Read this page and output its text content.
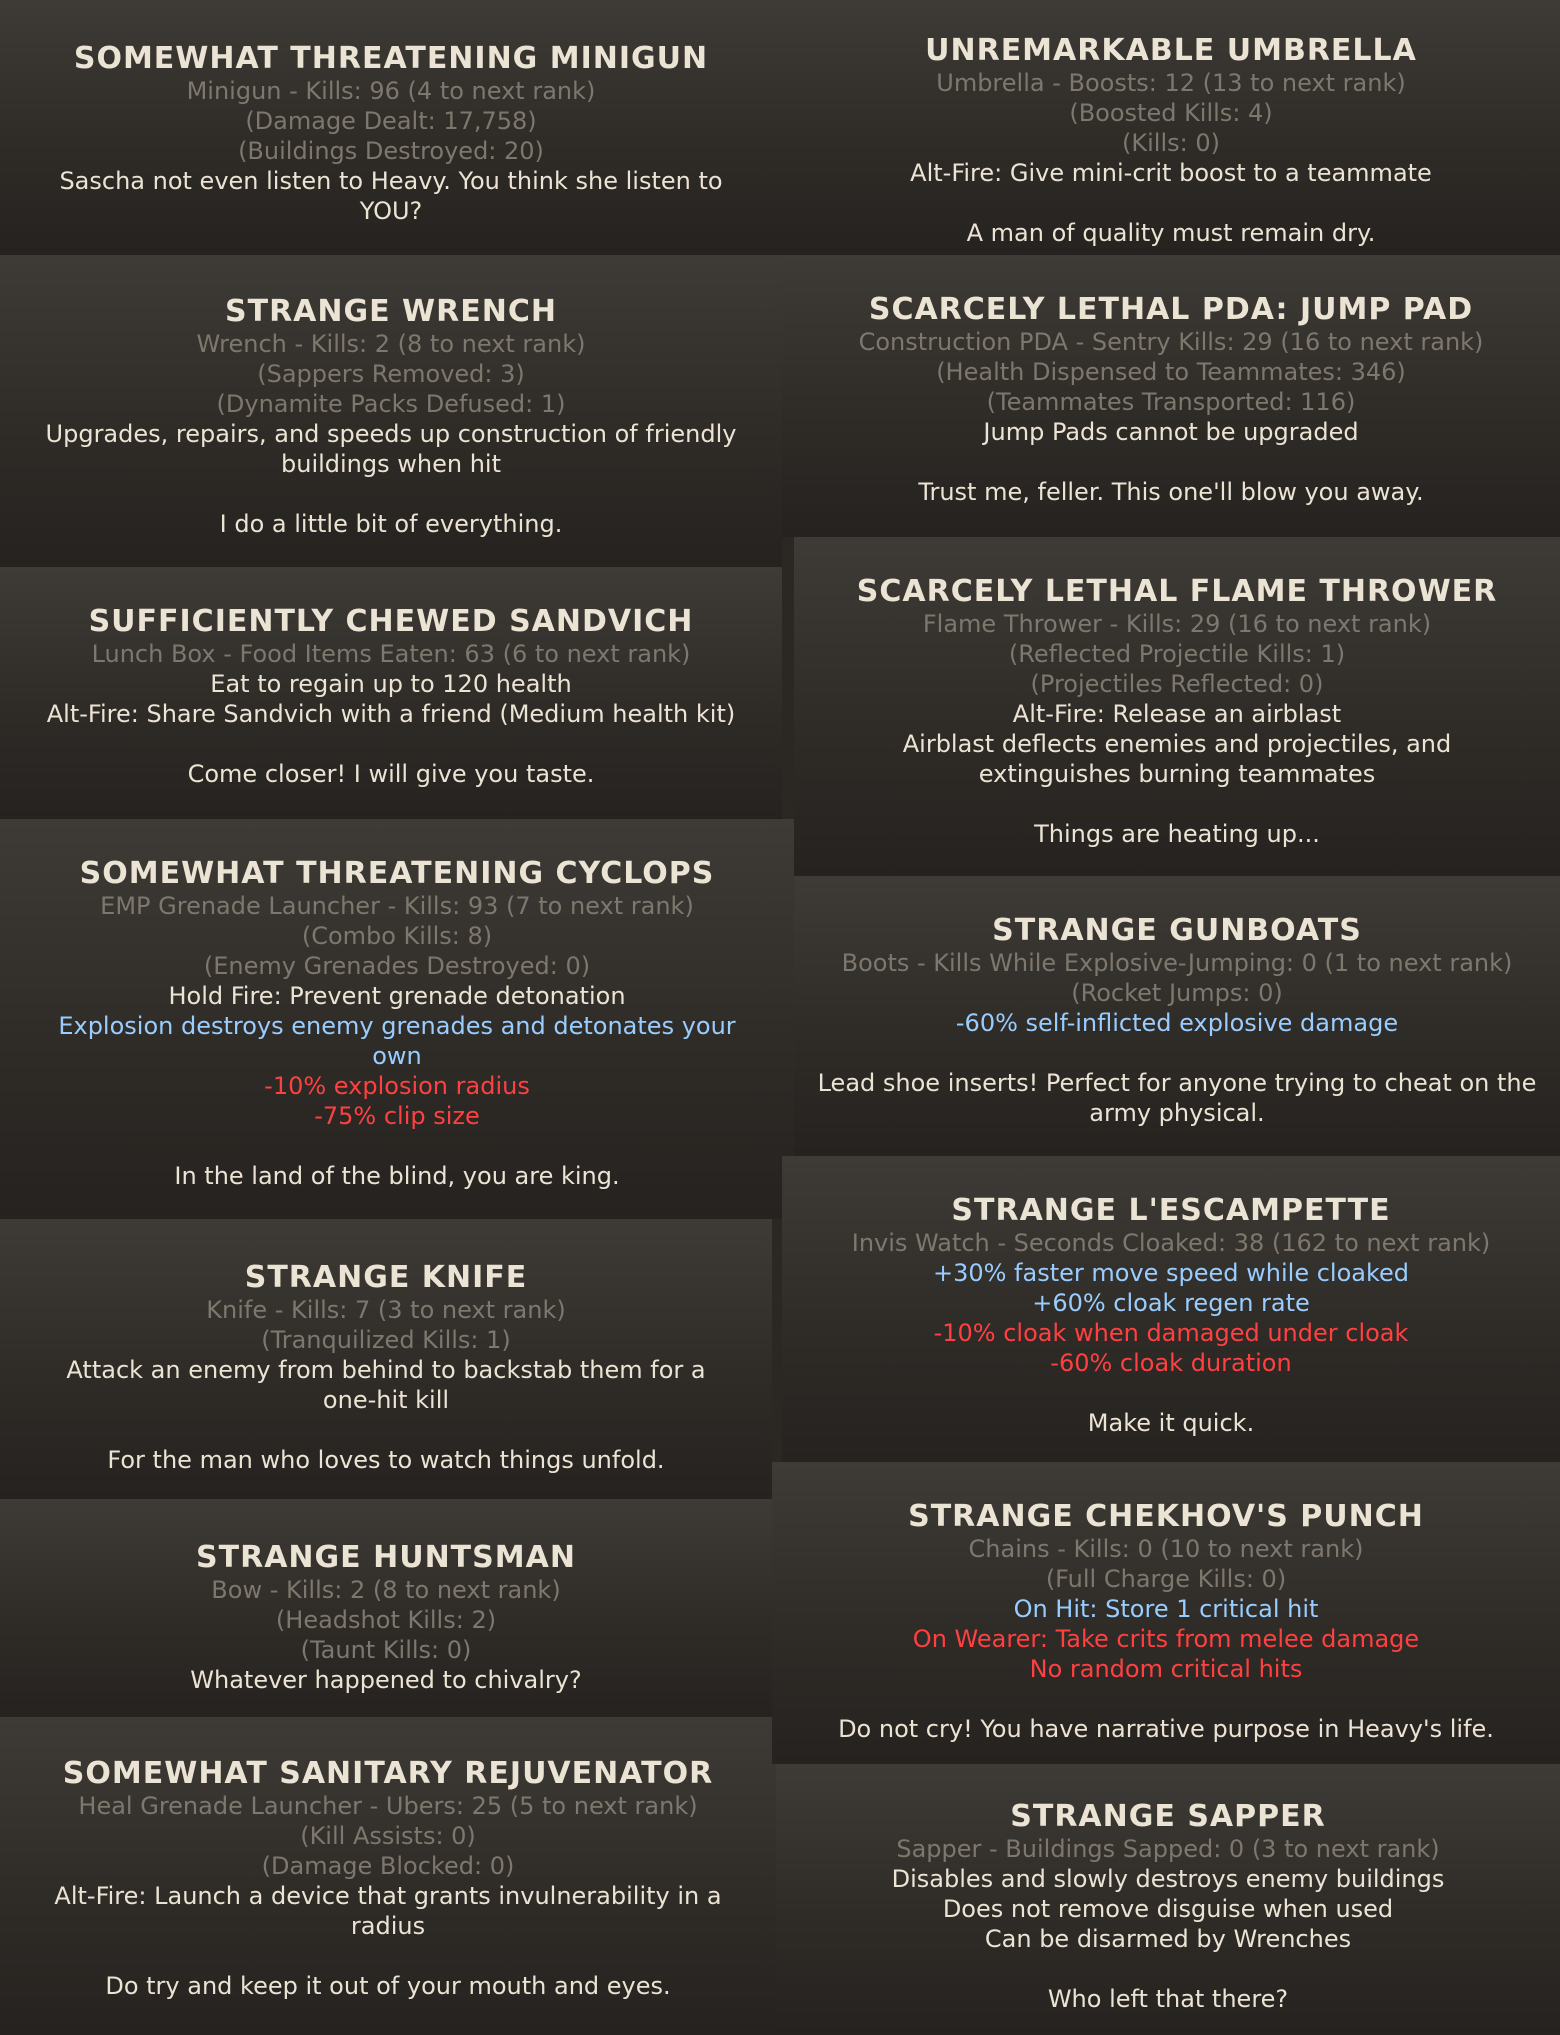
SOMEWHAT THREATENING MINIGUN
Minigun - Kills: 96 (4 to next rank)
(Damage Dealt: 17,758)
(Buildings Destroyed: 20)
Sascha not even listen to Heavy. You think she listen to
YOU?
STRANGE WRENCH
Wrench - Kills: 2 (8 to next rank)
(Sappers Removed: 3)
(Dynamite Packs Defused: 1)
Upgrades, repairs, and speeds up construction of friendly
buildings when hit
I do a little bit of everything.
SUFFICIENTLY CHEWED SANDVICH
Lunch Box - Food Items Eaten: 63 (6 to next rank)
Eat to regain up to 120 health
Alt-Fire: Share Sandvich with a friend (Medium health kit)
Come closer! I will give you taste.
SOMEWHAT THREATENING CYCLOPS
EMP Grenade Launcher - Kills: 93 (7 to next rank)
(Combo Kills: 8)
(Enemy Grenades Destroyed: 0)
Hold Fire: Prevent grenade detonation
Explosion destroys enemy grenades and detonates your
own
-10% explosion radius
-75% clip size
In the land of the blind, you are king.
STRANGE KNIFE
Knife - Kills: 7 (3 to next rank)
(Tranquilized Kills: 1)
Attack an enemy from behind to backstab them for a
one-hit kill
For the man who loves to watch things unfold.
STRANGE HUNTSMAN
Bow - Kills: 2 (8 to next rank)
(Headshot Kills: 2)
(Taunt Kills: 0)
Whatever happened to chivalry?
SOMEWHAT SANITARY REJUVENATOR
Heal Grenade Launcher - Ubers: 25 (5 to next rank)
(Kill Assists: 0)
(Damage Blocked: 0)
Alt-Fire: Launch a device that grants invulnerability in a
radius
Do try and keep it out of your mouth and eyes.
UNREMARKABLE UMBRELLA
Umbrella - Boosts: 12 (13 to next rank)
(Boosted Kills: 4)
(Kills: 0)
Alt-Fire: Give mini-crit boost to a teammate
A man of quality must remain dry.
SCARCELY LETHAL PDA: JUMP PAD
Construction PDA - Sentry Kills: 29 (16 to next rank)
(Health Dispensed to Teammates: 346)
(Teammates Transported: 116)
Jump Pads cannot be upgraded
Trust me, feller. This one'll blow you away.
SCARCELY LETHAL FLAME THROWER
Flame Thrower - Kills: 29 (16 to next rank)
(Reflected Projectile Kills: 1)
(Projectiles Reflected: 0)
Alt-Fire: Release an airblast
Airblast deflects enemies and projectiles, and
extinguishes burning teammates
Things are heating up...
STRANGE GUNBOATS
Boots - Kills While Explosive-Jumping: 0 (1 to next rank)
(Rocket Jumps: 0)
-60% self-inflicted explosive damage
Lead shoe inserts! Perfect for anyone trying to cheat on the army physical.
STRANGE L'ESCAMPETTE
Invis Watch - Seconds Cloaked: 38 (162 to next rank)
+30% faster move speed while cloaked
+60% cloak regen rate
-10% cloak when damaged under cloak
-60% cloak duration
Make it quick.
STRANGE CHEKHOV'S PUNCH
Chains - Kills: 0 (10 to next rank)
(Full Charge Kills: 0)
On Hit: Store 1 critical hit
On Wearer: Take crits from melee damage
No random critical hits
Do not cry! You have narrative purpose in Heavy's life.
STRANGE SAPPER
Sapper - Buildings Sapped: 0 (3 to next rank)
Disables and slowly destroys enemy buildings
Does not remove disguise when used
Can be disarmed by Wrenches
Who left that there?
